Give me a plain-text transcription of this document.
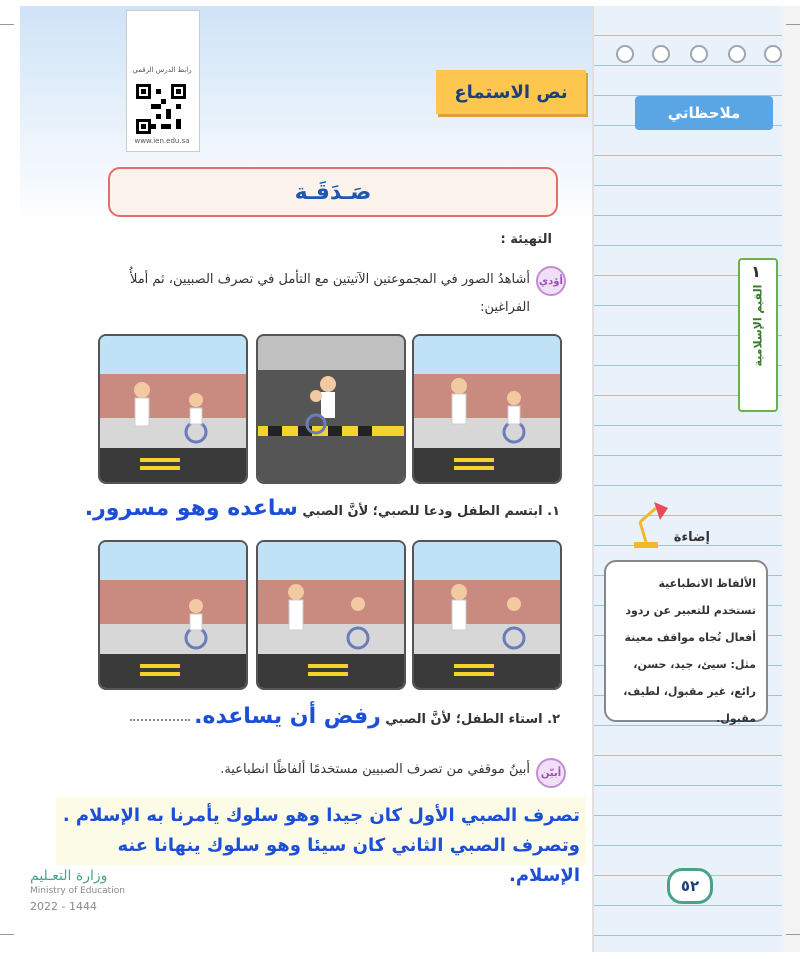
ملاحظاتي
١
القيم الإسلامية
رابط الدرس الرقمي
www.ien.edu.sa
نص الاستماع
صَـدَقَـة
التهيئة :
أؤدي
أشاهدُ الصور في المجموعتين الآتيتين مع التأمل في تصرف الصبيين، ثم أملأُ الفراغين:
١. ابتسم الطفل ودعا للصبي؛ لأنَّ الصبي ساعده وهو مسرور.
٢. استاء الطفل؛ لأنَّ الصبي رفض أن يساعده.
أبيّن
أبينُ موقفي من تصرف الصبيين مستخدمًا ألفاظًا انطباعية.
تصرف الصبي الأول كان جيدا وهو سلوك يأمرنا به الإسلام .
وتصرف الصبي الثاني كان سيئا وهو سلوك ينهانا عنه الإسلام.
إضاءة
الألفاظ الانطباعية
تستخدم للتعبير عن ردود
أفعال تُجاه مواقف معينة
مثل: سيئ، جيد، حسن،
رائع، غير مقبول، لطيف،
مقبول.
وزارة التعـليم
Ministry of Education
2022 - 1444
٥٢
